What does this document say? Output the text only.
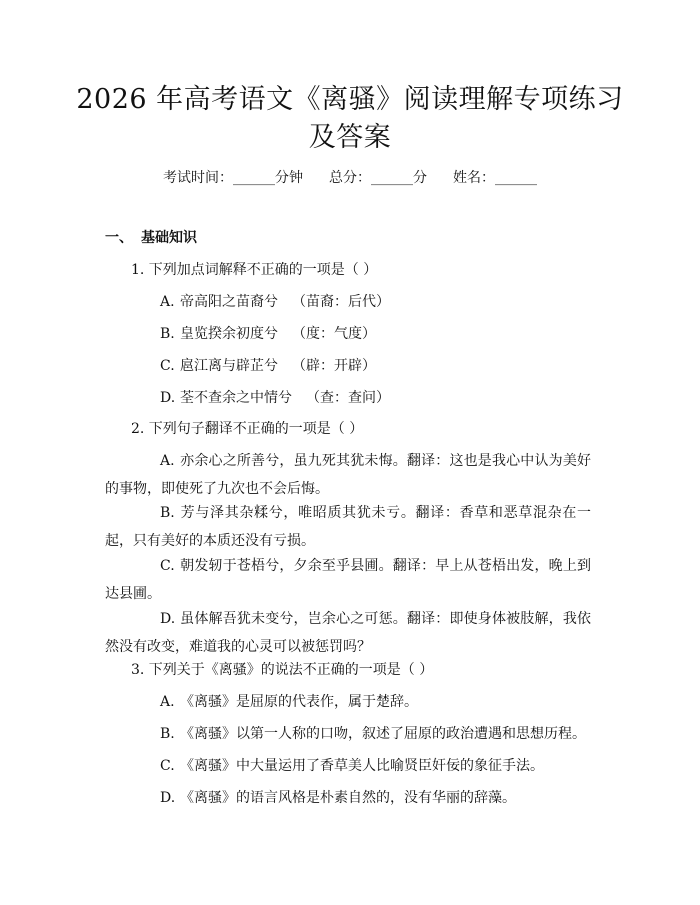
2026 年高考语文《离骚》阅读理解专项练习
及答案
考试时间：______分钟 总分：______分 姓名：______
一、 基础知识
1. 下列加点词解释不正确的一项是（ ）
A. 帝高阳之苗裔兮 （苗裔：后代）
B. 皇览揆余初度兮 （度：气度）
C. 扈江离与辟芷兮 （辟：开辟）
D. 荃不查余之中情兮 （查：查问）
2. 下列句子翻译不正确的一项是（ ）
A. 亦余心之所善兮，虽九死其犹未悔。翻译：这也是我心中认为美好的事物，即使死了九次也不会后悔。
B. 芳与泽其杂糅兮，唯昭质其犹未亏。翻译：香草和恶草混杂在一起，只有美好的本质还没有亏损。
C. 朝发轫于苍梧兮，夕余至乎县圃。翻译：早上从苍梧出发，晚上到达县圃。
D. 虽体解吾犹未变兮，岂余心之可惩。翻译：即使身体被肢解，我依然没有改变，难道我的心灵可以被惩罚吗？
3. 下列关于《离骚》的说法不正确的一项是（ ）
A. 《离骚》是屈原的代表作，属于楚辞。
B. 《离骚》以第一人称的口吻，叙述了屈原的政治遭遇和思想历程。
C. 《离骚》中大量运用了香草美人比喻贤臣奸佞的象征手法。
D. 《离骚》的语言风格是朴素自然的，没有华丽的辞藻。
